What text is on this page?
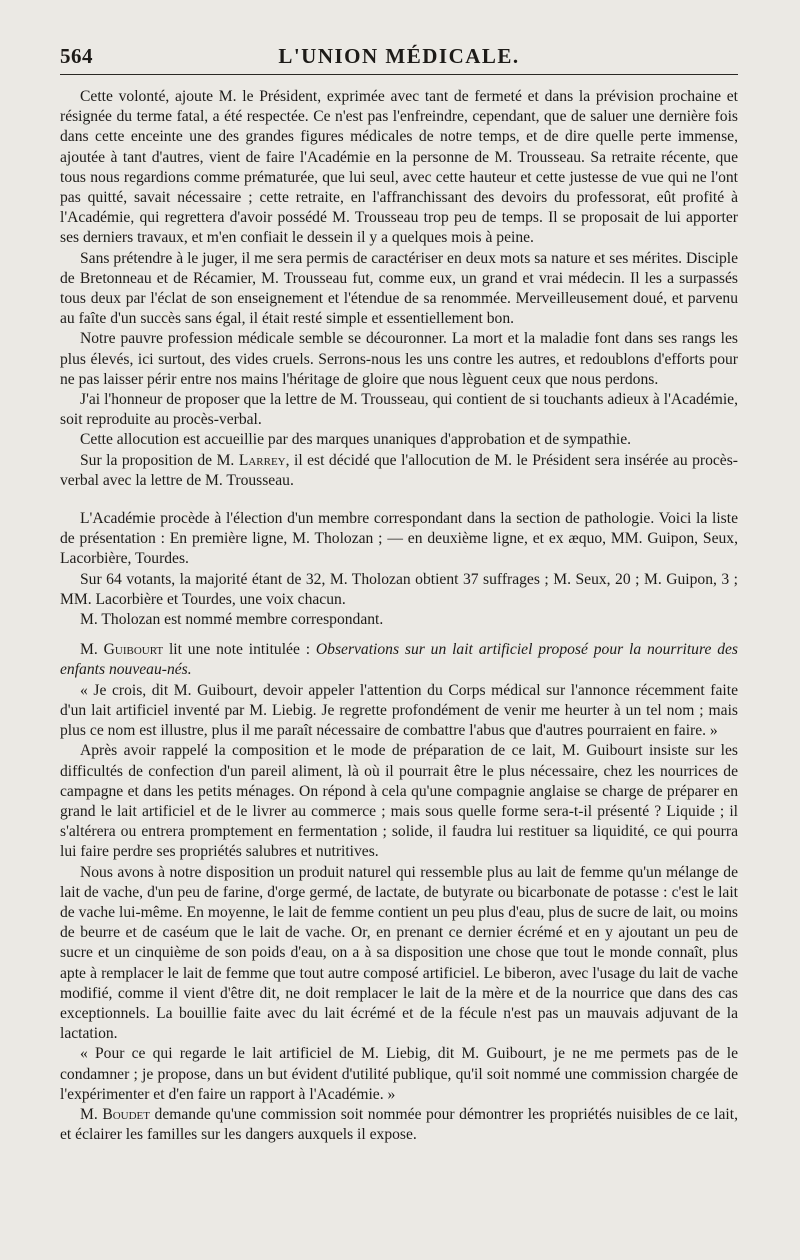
564	L'UNION MÉDICALE.

Cette volonté, ajoute M. le Président, exprimée avec tant de fermeté et dans la prévision prochaine et résignée du terme fatal, a été respectée. Ce n'est pas l'enfreindre, cependant, que de saluer une dernière fois dans cette enceinte une des grandes figures médicales de notre temps, et de dire quelle perte immense, ajoutée à tant d'autres, vient de faire l'Académie en la personne de M. Trousseau. Sa retraite récente, que tous nous regardions comme prématurée, que lui seul, avec cette hauteur et cette justesse de vue qui ne l'ont pas quitté, savait nécessaire ; cette retraite, en l'affranchissant des devoirs du professorat, eût profité à l'Académie, qui regrettera d'avoir possédé M. Trousseau trop peu de temps. Il se proposait de lui apporter ses derniers travaux, et m'en confiait le dessein il y a quelques mois à peine.

Sans prétendre à le juger, il me sera permis de caractériser en deux mots sa nature et ses mérites. Disciple de Bretonneau et de Récamier, M. Trousseau fut, comme eux, un grand et vrai médecin. Il les a surpassés tous deux par l'éclat de son enseignement et l'étendue de sa renommée. Merveilleusement doué, et parvenu au faîte d'un succès sans égal, il était resté simple et essentiellement bon.

Notre pauvre profession médicale semble se découronner. La mort et la maladie font dans ses rangs les plus élevés, ici surtout, des vides cruels. Serrons-nous les uns contre les autres, et redoublons d'efforts pour ne pas laisser périr entre nos mains l'héritage de gloire que nous lèguent ceux que nous perdons.

J'ai l'honneur de proposer que la lettre de M. Trousseau, qui contient de si touchants adieux à l'Académie, soit reproduite au procès-verbal.

Cette allocution est accueillie par des marques unaniques d'approbation et de sympathie.

Sur la proposition de M. Larrey, il est décidé que l'allocution de M. le Président sera insérée au procès-verbal avec la lettre de M. Trousseau.

L'Académie procède à l'élection d'un membre correspondant dans la section de pathologie. Voici la liste de présentation : En première ligne, M. Tholozan ; — en deuxième ligne, et ex æquo, MM. Guipon, Seux, Lacorbière, Tourdes.

Sur 64 votants, la majorité étant de 32, M. Tholozan obtient 37 suffrages ; M. Seux, 20 ; M. Guipon, 3 ; MM. Lacorbière et Tourdes, une voix chacun.

M. Tholozan est nommé membre correspondant.

M. Guibourt lit une note intitulée : Observations sur un lait artificiel proposé pour la nourriture des enfants nouveau-nés.

« Je crois, dit M. Guibourt, devoir appeler l'attention du Corps médical sur l'annonce récemment faite d'un lait artificiel inventé par M. Liebig. Je regrette profondément de venir me heurter à un tel nom ; mais plus ce nom est illustre, plus il me paraît nécessaire de combattre l'abus que d'autres pourraient en faire. »

Après avoir rappelé la composition et le mode de préparation de ce lait, M. Guibourt insiste sur les difficultés de confection d'un pareil aliment, là où il pourrait être le plus nécessaire, chez les nourrices de campagne et dans les petits ménages. On répond à cela qu'une compagnie anglaise se charge de préparer en grand le lait artificiel et de le livrer au commerce ; mais sous quelle forme sera-t-il présenté ? Liquide ; il s'altérera ou entrera promptement en fermentation ; solide, il faudra lui restituer sa liquidité, ce qui pourra lui faire perdre ses propriétés salubres et nutritives.

Nous avons à notre disposition un produit naturel qui ressemble plus au lait de femme qu'un mélange de lait de vache, d'un peu de farine, d'orge germé, de lactate, de butyrate ou bicarbonate de potasse : c'est le lait de vache lui-même. En moyenne, le lait de femme contient un peu plus d'eau, plus de sucre de lait, ou moins de beurre et de caséum que le lait de vache. Or, en prenant ce dernier écrémé et en y ajoutant un peu de sucre et un cinquième de son poids d'eau, on a à sa disposition une chose que tout le monde connaît, plus apte à remplacer le lait de femme que tout autre composé artificiel. Le biberon, avec l'usage du lait de vache modifié, comme il vient d'être dit, ne doit remplacer le lait de la mère et de la nourrice que dans des cas exceptionnels. La bouillie faite avec du lait écrémé et de la fécule n'est pas un mauvais adjuvant de la lactation.

« Pour ce qui regarde le lait artificiel de M. Liebig, dit M. Guibourt, je ne me permets pas de le condamner ; je propose, dans un but évident d'utilité publique, qu'il soit nommé une commission chargée de l'expérimenter et d'en faire un rapport à l'Académie. »

M. Boudet demande qu'une commission soit nommée pour démontrer les propriétés nuisibles de ce lait, et éclairer les familles sur les dangers auxquels il expose.
